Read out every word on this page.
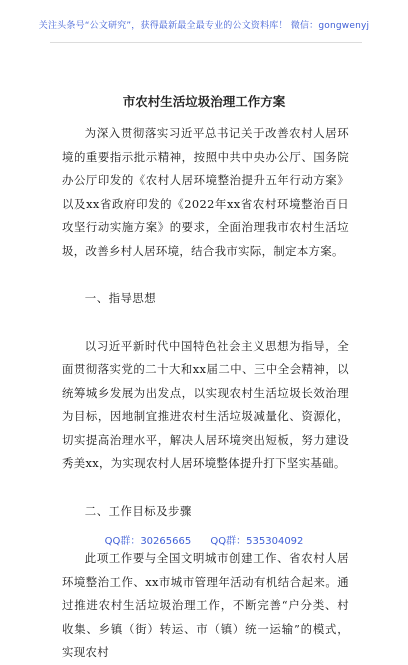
关注头条号“公文研究”，获得最新最全最专业的公文资料库！ 微信：gongwenyj
市农村生活垃圾治理工作方案

为深入贯彻落实习近平总书记关于改善农村人居环境的重要指示批示精神，按照中共中央办公厅、国务院办公厅印发的《农村人居环境整治提升五年行动方案》以及xx省政府印发的《2022年xx省农村环境整治百日攻坚行动实施方案》的要求，全面治理我市农村生活垃圾，改善乡村人居环境，结合我市实际，制定本方案。

一、指导思想

以习近平新时代中国特色社会主义思想为指导，全面贯彻落实党的二十大和xx届二中、三中全会精神，以统筹城乡发展为出发点，以实现农村生活垃圾长效治理为目标，因地制宜推进农村生活垃圾减量化、资源化，切实提高治理水平，解决人居环境突出短板，努力建设秀美xx，为实现农村人居环境整体提升打下坚实基础。

二、工作目标及步骤

此项工作要与全国文明城市创建工作、省农村人居环境整治工作、xx市城市管理年活动有机结合起来。通过推进农村生活垃圾治理工作，不断完善“户分类、村收集、乡镇（街）转运、市（镇）统一运输”的模式，实现农村

QQ群：30265665 QQ群：535304092
